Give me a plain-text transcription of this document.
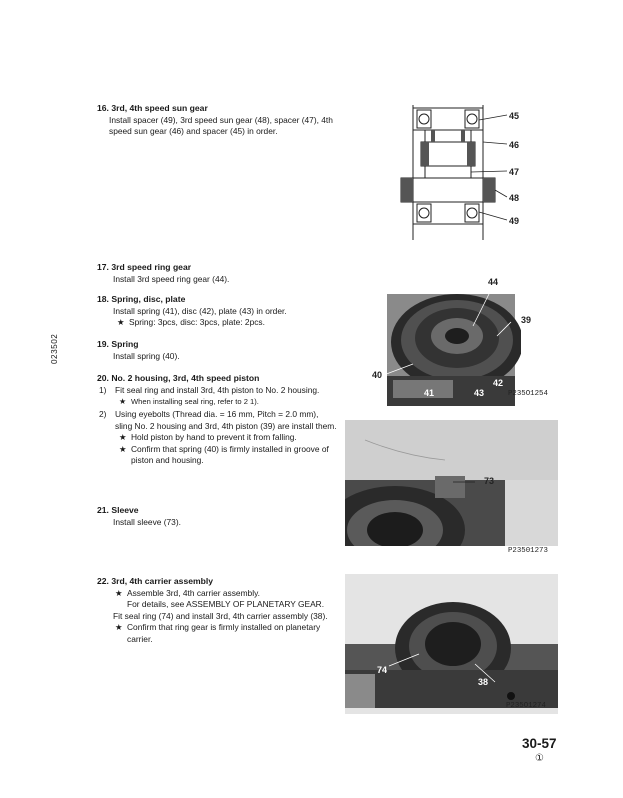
023502
16. 3rd, 4th speed sun gear

Install spacer (49), 3rd speed sun gear (48), spacer (47), 4th speed sun gear (46) and spacer (45) in order.

45
46
47
48
49
17. 3rd speed ring gear

Install 3rd speed ring gear (44).

18. Spring, disc, plate

Install spring (41), disc (42), plate (43) in order.

★ Spring: 3pcs, disc: 3pcs, plate: 2pcs.
19. Spring

Install spring (40).

20. No. 2 housing, 3rd, 4th speed piston
1) Fit seal ring and install 3rd, 4th piston to No. 2 housing.
★ When installing seal ring, refer to 2 1).
2) Using eyebolts (Thread dia. = 16 mm, Pitch = 2.0 mm), sling No. 2 housing and 3rd, 4th piston (39) are install them.
★ Hold piston by hand to prevent it from falling.
★ Confirm that spring (40) is firmly installed in groove of piston and housing.
21. Sleeve

Install sleeve (73).

22. 3rd, 4th carrier assembly
★ Assemble 3rd, 4th carrier assembly.

For details, see ASSEMBLY OF PLANETARY GEAR.

Fit seal ring (74) and install 3rd, 4th carrier assembly (38).

★ Confirm that ring gear is firmly installed on planetary carrier.
44
39
40
41	43
42
P235O1254
73
P23501273
74
38
P235O1274
30-57
①
